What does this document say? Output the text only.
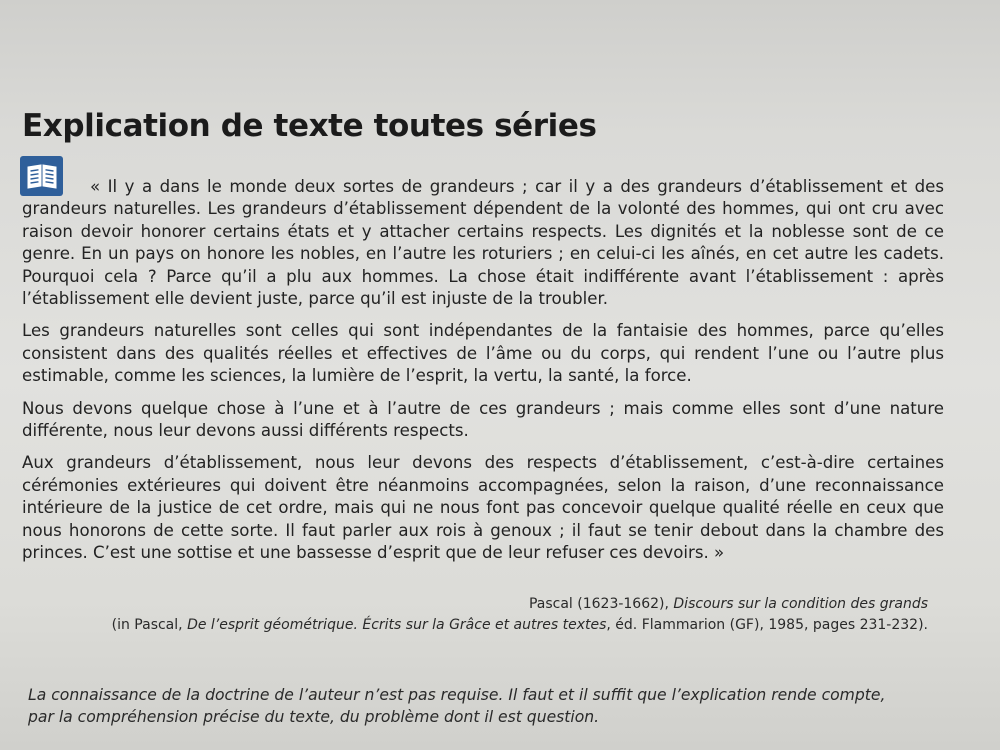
Explication de texte toutes séries

« Il y a dans le monde deux sortes de grandeurs ; car il y a des grandeurs d’établissement et des grandeurs naturelles. Les grandeurs d’établissement dépendent de la volonté des hommes, qui ont cru avec raison devoir honorer certains états et y attacher certains respects. Les dignités et la noblesse sont de ce genre. En un pays on honore les nobles, en l’autre les roturiers ; en celui-ci les aînés, en cet autre les cadets. Pourquoi cela ? Parce qu’il a plu aux hommes. La chose était indifférente avant l’établissement : après l’établissement elle devient juste, parce qu’il est injuste de la troubler.

Les grandeurs naturelles sont celles qui sont indépendantes de la fantaisie des hommes, parce qu’elles consistent dans des qualités réelles et effectives de l’âme ou du corps, qui rendent l’une ou l’autre plus estimable, comme les sciences, la lumière de l’esprit, la vertu, la santé, la force.

Nous devons quelque chose à l’une et à l’autre de ces grandeurs ; mais comme elles sont d’une nature différente, nous leur devons aussi différents respects.

Aux grandeurs d’établissement, nous leur devons des respects d’établissement, c’est-à-dire certaines cérémonies extérieures qui doivent être néanmoins accompagnées, selon la raison, d’une reconnaissance intérieure de la justice de cet ordre, mais qui ne nous font pas concevoir quelque qualité réelle en ceux que nous honorons de cette sorte. Il faut parler aux rois à genoux ; il faut se tenir debout dans la chambre des princes. C’est une sottise et une bassesse d’esprit que de leur refuser ces devoirs. »

Pascal (1623-1662), Discours sur la condition des grands
(in Pascal, De l’esprit géométrique. Écrits sur la Grâce et autres textes, éd. Flammarion (GF), 1985, pages 231-232).
La connaissance de la doctrine de l’auteur n’est pas requise. Il faut et il suffit que l’explication rende compte,
par la compréhension précise du texte, du problème dont il est question.
